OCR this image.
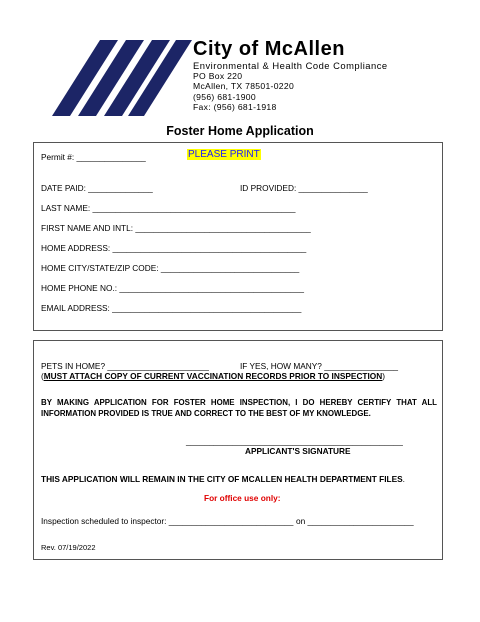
City of McAllen
Environmental & Health Code Compliance
PO Box 220
McAllen, TX 78501-0220
(956) 681-1900
Fax: (956) 681-1918
Foster Home Application
Permit #: _______________	PLEASE PRINT
DATE PAID: ______________	ID PROVIDED: _______________
LAST NAME: ____________________________________________
FIRST NAME AND INTL: ______________________________________
HOME ADDRESS: __________________________________________
HOME CITY/STATE/ZIP CODE: ______________________________
HOME PHONE NO.: ________________________________________
EMAIL ADDRESS: _________________________________________
PETS IN HOME? ______________________	IF YES, HOW MANY? ________________
(MUST ATTACH COPY OF CURRENT VACCINATION RECORDS PRIOR TO INSPECTION)
BY MAKING APPLICATION FOR FOSTER HOME INSPECTION, I DO HEREBY CERTIFY THAT ALL INFORMATION PROVIDED IS TRUE AND CORRECT TO THE BEST OF MY KNOWLEDGE.
_______________________________________________
APPLICANT'S SIGNATURE
THIS APPLICATION WILL REMAIN IN THE CITY OF MCALLEN HEALTH DEPARTMENT FILES.
For office use only:
Inspection scheduled to inspector: ___________________________ on _______________________
Rev. 07/19/2022
